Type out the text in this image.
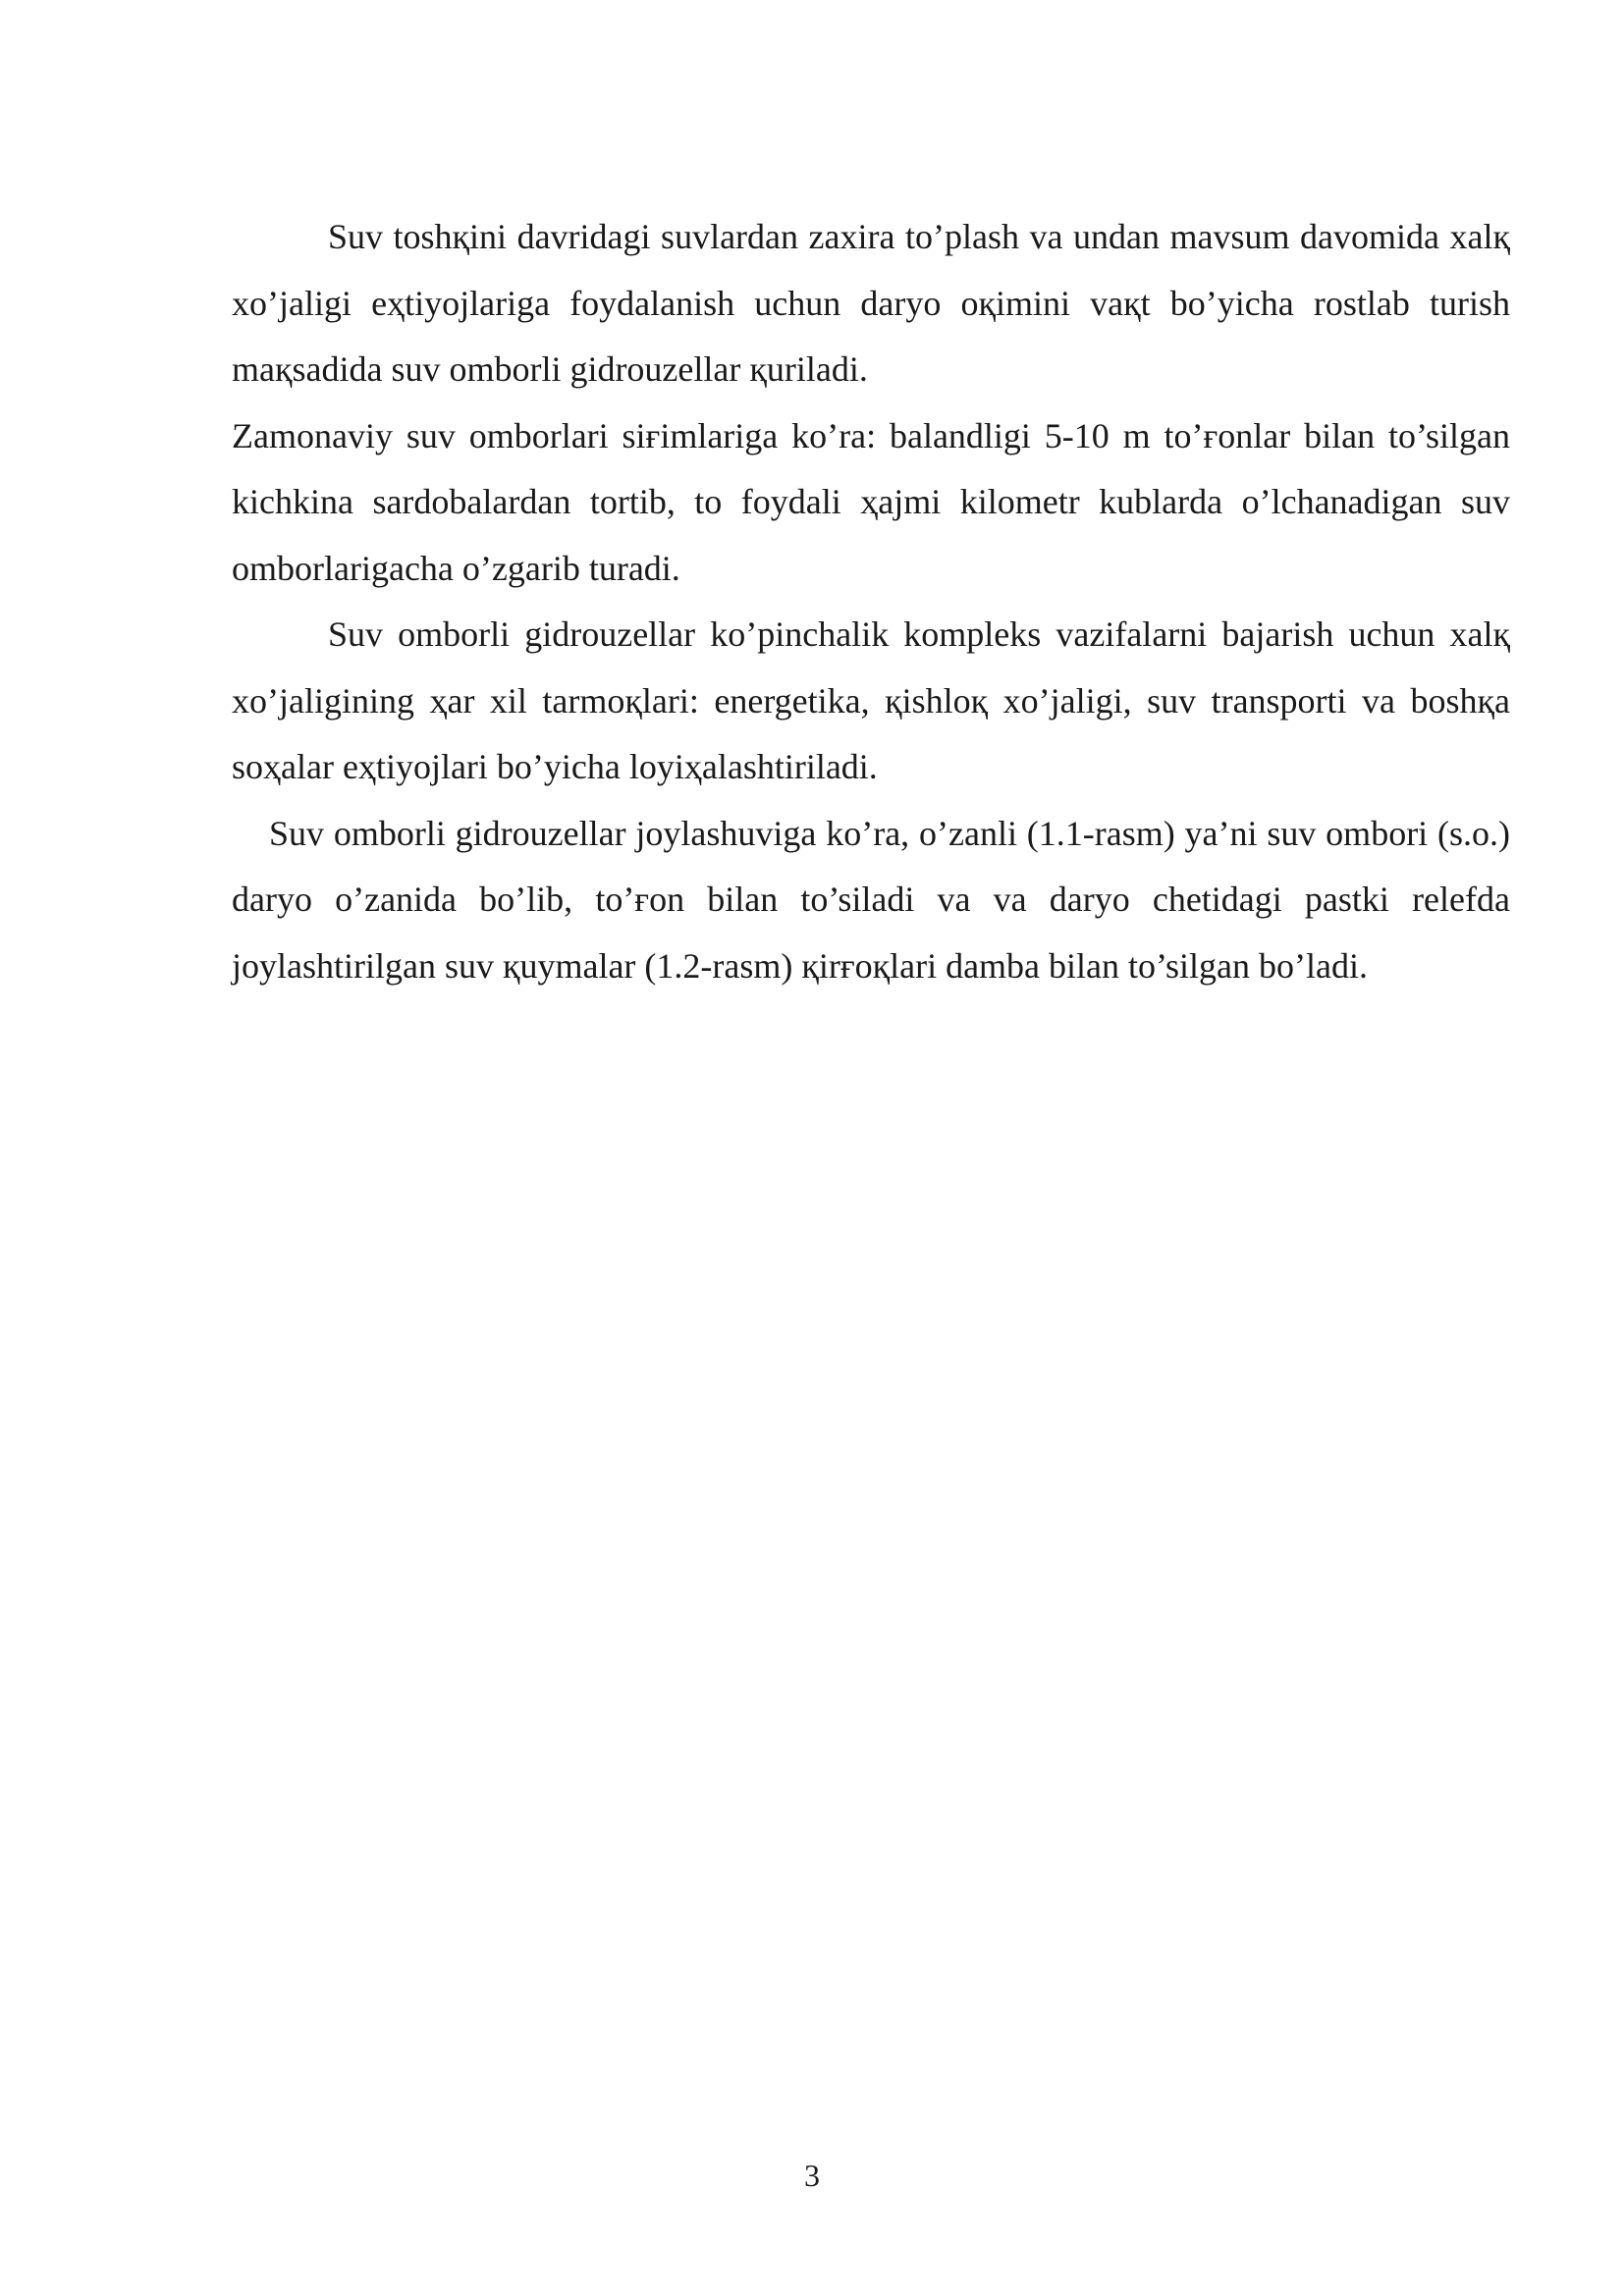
Suv toshқini davridagi suvlardan zaxira to’plash va undan mavsum davomida xalқ xo’jaligi eҳtiyojlariga foydalanish uchun daryo oқimini vaқt bo’yicha rostlab turish maқsadida suv omborli gidrouzellar қuriladi.

Zamonaviy suv omborlari siғimlariga ko’ra: balandligi 5-10 m to’ғonlar bilan to’silgan kichkina sardobalardan tortib, to foydali ҳajmi kilometr kublarda o’lchanadigan suv omborlarigacha o’zgarib turadi.

Suv omborli gidrouzellar ko’pinchalik kompleks vazifalarni bajarish uchun xalқ xo’jaligining ҳar xil tarmoқlari: energetika, қishloқ xo’jaligi, suv transporti va boshқa soҳalar eҳtiyojlari bo’yicha loyiҳalashtiriladi.

Suv omborli gidrouzellar joylashuviga ko’ra, o’zanli (1.1-rasm) ya’ni suv ombori (s.o.) daryo o’zanida bo’lib, to’ғon bilan to’siladi va va daryo chetidagi pastki relefda joylashtirilgan suv қuymalar (1.2-rasm) қirғoқlari damba bilan to’silgan bo’ladi.

3
